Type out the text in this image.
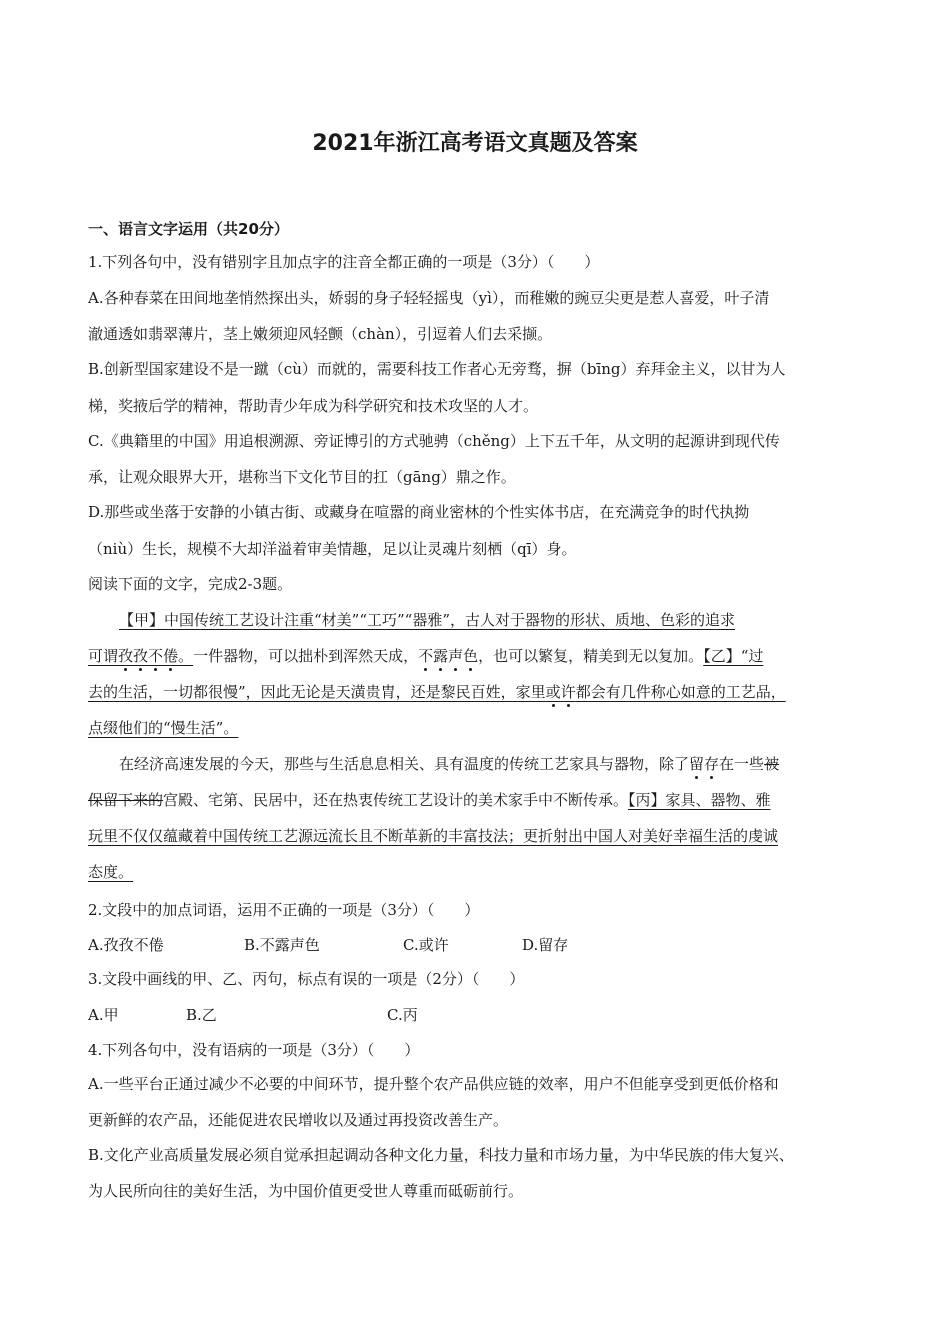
2021年浙江高考语文真题及答案
一、语言文字运用（共20分）
1.下列各句中，没有错别字且加点字的注音全都正确的一项是（3分）（　　）
A.各种春菜在田间地垄悄然探出头，娇弱的身子轻轻摇曳（yì），而稚嫩的豌豆尖更是惹人喜爱，叶子清
澈通透如翡翠薄片，茎上嫩须迎风轻颤（chàn），引逗着人们去采撷。
B.创新型国家建设不是一蹴（cù）而就的，需要科技工作者心无旁骛，摒（bīng）弃拜金主义，以甘为人
梯，奖掖后学的精神，帮助青少年成为科学研究和技术攻坚的人才。
C.《典籍里的中国》用追根溯源、旁证博引的方式驰骋（chěng）上下五千年，从文明的起源讲到现代传
承，让观众眼界大开，堪称当下文化节目的扛（gāng）鼎之作。
D.那些或坐落于安静的小镇古街、或藏身在喧嚣的商业密林的个性实体书店，在充满竞争的时代执拗
（niù）生长，规模不大却洋溢着审美情趣，足以让灵魂片刻栖（qī）身。
阅读下面的文字，完成2-3题。
【甲】中国传统工艺设计注重“材美”“工巧”“器雅”，古人对于器物的形状、质地、色彩的追求
可谓孜孜不倦。一件器物，可以拙朴到浑然天成，不露声色，也可以繁复，精美到无以复加。【乙】“过
去的生活，一切都很慢”，因此无论是天潢贵胄，还是黎民百姓，家里或许都会有几件称心如意的工艺品，
点缀他们的“慢生活”。
在经济高速发展的今天，那些与生活息息相关、具有温度的传统工艺家具与器物，除了留存在一些被
保留下来的宫殿、宅第、民居中，还在热衷传统工艺设计的美术家手中不断传承。【丙】家具、器物、雅
玩里不仅仅蕴藏着中国传统工艺源远流长且不断革新的丰富技法；更折射出中国人对美好幸福生活的虔诚
态度。
2.文段中的加点词语，运用不正确的一项是（3分）（　　）
A.孜孜不倦	B.不露声色	C.或许	D.留存
3.文段中画线的甲、乙、丙句，标点有误的一项是（2分）（　　）
A.甲	B.乙	C.丙
4.下列各句中，没有语病的一项是（3分）（　　）
A.一些平台正通过减少不必要的中间环节，提升整个农产品供应链的效率，用户不但能享受到更低价格和
更新鲜的农产品，还能促进农民增收以及通过再投资改善生产。
B.文化产业高质量发展必须自觉承担起调动各种文化力量，科技力量和市场力量，为中华民族的伟大复兴、
为人民所向往的美好生活，为中国价值更受世人尊重而砥砺前行。
